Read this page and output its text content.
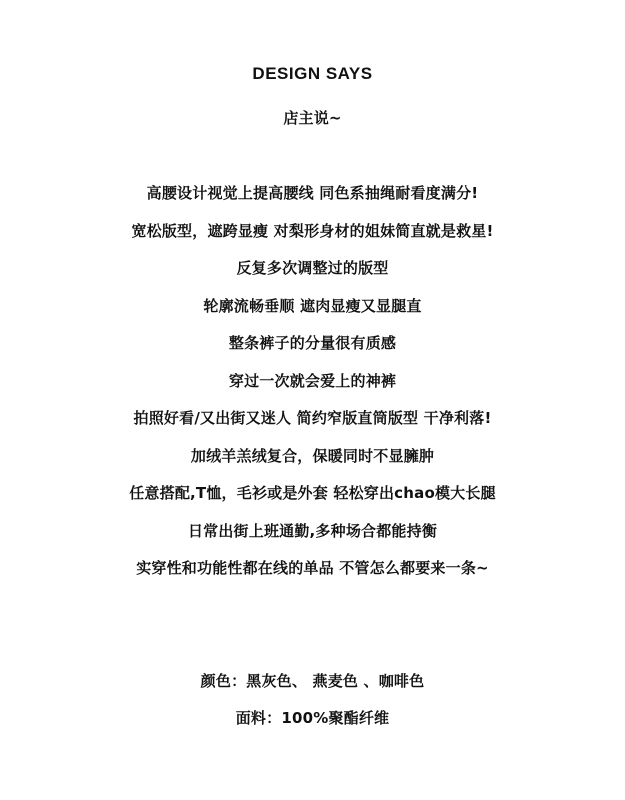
DESIGN SAYS
店主说~
高腰设计视觉上提高腰线 同色系抽绳耐看度满分!
宽松版型，遮跨显瘦 对梨形身材的姐妹简直就是救星!
反复多次调整过的版型
轮廓流畅垂顺 遮肉显瘦又显腿直
整条裤子的分量很有质感
穿过一次就会爱上的神裤
拍照好看/又出街又迷人 简约窄版直筒版型 干净利落!
加绒羊羔绒复合，保暖同时不显臃肿
任意搭配,T恤，毛衫或是外套 轻松穿出chao模大长腿
日常出街上班通勤,多种场合都能持衡
实穿性和功能性都在线的单品 不管怎么都要来一条~
颜色：黑灰色、 燕麦色 、咖啡色
面料：100%聚酯纤维
